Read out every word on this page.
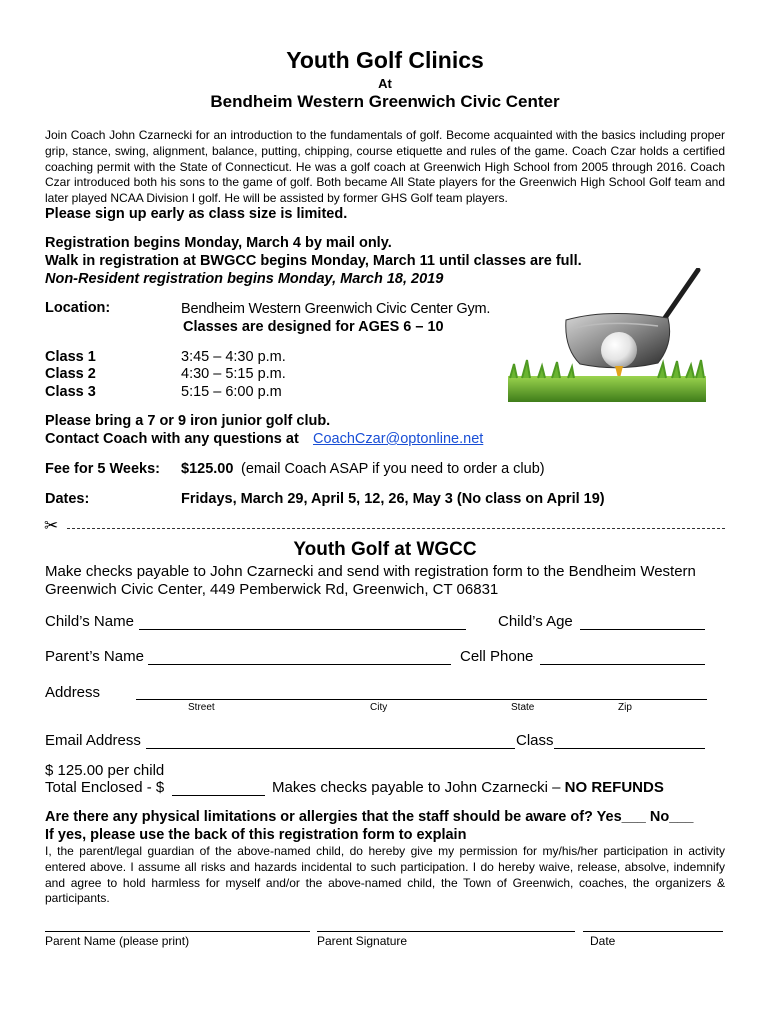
Youth Golf Clinics
At
Bendheim Western Greenwich Civic Center
Join Coach John Czarnecki for an introduction to the fundamentals of golf. Become acquainted with the basics including proper grip, stance, swing, alignment, balance, putting, chipping, course etiquette and rules of the game. Coach Czar holds a certified coaching permit with the State of Connecticut. He was a golf coach at Greenwich High School from 2005 through 2016. Coach Czar introduced both his sons to the game of golf. Both became All State players for the Greenwich High School Golf team and later played NCAA Division I golf. He will be assisted by former GHS Golf team players.
Please sign up early as class size is limited.
Registration begins Monday, March 4 by mail only.
Walk in registration at BWGCC begins Monday, March 11 until classes are full.
Non-Resident registration begins Monday, March 18, 2019
Location:	Bendheim Western Greenwich Civic Center Gym.
Classes are designed for AGES 6 – 10
Class 1	3:45 – 4:30 p.m.
Class 2	4:30 – 5:15 p.m.
Class 3	5:15 – 6:00 p.m
Please bring a 7 or 9 iron junior golf club.
Contact Coach with any questions at CoachCzar@optonline.net
Fee for 5 Weeks: $125.00 (email Coach ASAP if you need to order a club)
Dates:	Fridays, March 29, April 5, 12, 26, May 3 (No class on April 19)
✂
Youth Golf at WGCC
Make checks payable to John Czarnecki and send with registration form to the Bendheim Western
Greenwich Civic Center, 449 Pemberwick Rd, Greenwich, CT 06831
Child’s Name	Child’s Age
Parent’s Name	Cell Phone
Address
Street	City	State	Zip
Email Address	Class
$ 125.00 per child
Total Enclosed - $	Makes checks payable to John Czarnecki – NO REFUNDS
Are there any physical limitations or allergies that the staff should be aware of? Yes___ No___
If yes, please use the back of this registration form to explain
I, the parent/legal guardian of the above-named child, do hereby give my permission for my/his/her participation in activity entered above. I assume all risks and hazards incidental to such participation. I do hereby waive, release, absolve, indemnify and agree to hold harmless for myself and/or the above-named child, the Town of Greenwich, coaches, the organizers & participants.
Parent Name (please print)	Parent Signature	Date
